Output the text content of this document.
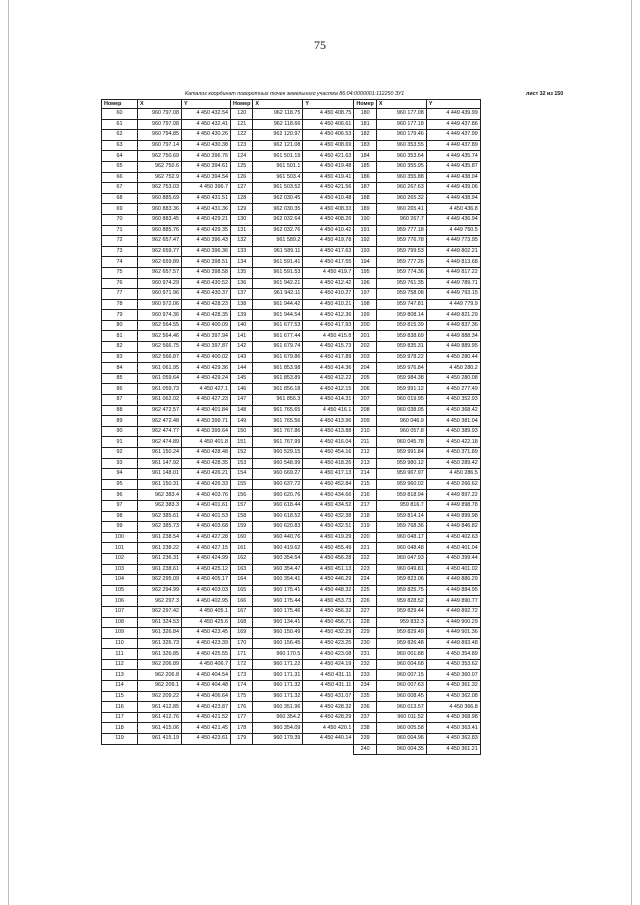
75
Каталог координат поворотных точек земельного участка 86:04:0000001:112250 ЗУ1	лист 32 из 150
Номер	X	Y	Номер	X	Y	Номер	X	Y
60	960 797.08	4 450 432.54	120	962 118.75	4 450 408.75	180	960 177.08	4 449 439.99
61	960 797.08	4 450 432.41	121	962 118.66	4 450 406.61	181	960 177.18	4 449 437.86
62	960 794.85	4 450 430.26	122	962 120.97	4 450 406.53	182	960 179.46	4 449 437.99
63	960 797.14	4 450 430.38	123	962 121.08	4 450 408.69	183	960 353.55	4 449 437.89
64	962 750.69	4 450 396.76	124	961 501.19	4 450 421.63	184	960 353.64	4 449 435.74
65	962 750.6	4 450 394.61	125	961 501.1	4 450 419.48	185	960 355.95	4 449 435.87
66	962 752.9	4 450 394.54	126	961 503.4	4 450 419.41	186	960 355.88	4 449 438.04
67	962 753.03	4 450 396.7	127	961 503.52	4 450 421.56	187	960 267.63	4 449 439.06
68	960 885.69	4 450 431.51	128	962 030.45	4 450 410.48	188	960 265.32	4 449 438.94
69	960 883.36	4 450 431.36	129	962 030.35	4 450 408.33	189	960 265.41	4 450 436.8
70	960 883.45	4 450 429.21	130	962 032.64	4 450 408.26	190	960 267.7	4 449 436.94
71	960 885.76	4 450 429.35	131	962 032.76	4 450 410.42	191	959 777.18	4 449 750.5
72	962 657.47	4 450 396.43	132	961 589.2	4 450 419.78	192	959 776.78	4 449 773.95
73	962 659.77	4 450 396.36	133	961 589.11	4 450 417.63	193	959 799.53	4 449 802.21
74	962 659.89	4 450 398.51	134	961 591.41	4 450 417.55	194	959 777.26	4 449 813.68
75	962 657.57	4 450 398.58	135	961 591.53	4 450 419.7	195	959 774.36	4 449 817.22
76	960 974.29	4 450 430.52	136	961 942.21	4 450 412.42	196	959 761.35	4 449 789.71
77	960 971.96	4 450 430.37	137	961 942.11	4 450 410.27	197	959 758.08	4 449 793.15
78	960 972.06	4 450 428.23	138	961 944.42	4 450 410.21	198	959 747.81	4 449 779.9
79	960 974.36	4 450 428.35	139	961 944.54	4 450 412.36	199	959 808.14	4 449 821.29
80	962 564.55	4 450 400.09	140	961 677.53	4 450 417.93	200	959 815.39	4 449 837.36
81	962 564.46	4 450 397.94	141	961 677.44	4 450 415.8	201	959 838.69	4 449 888.34
82	962 566.75	4 450 397.87	142	961 679.74	4 450 415.73	202	959 835.31	4 449 889.95
83	962 566.87	4 450 400.02	143	961 679.86	4 450 417.89	203	959 978.22	4 450 280.44
84	961 061.95	4 450 429.36	144	961 853.98	4 450 414.36	204	959 976.84	4 450 280.2
85	961 059.64	4 450 429.24	145	961 853.89	4 450 412.22	205	959 984.38	4 450 280.08
86	961 059.73	4 450 427.1	146	961 856.18	4 450 412.15	206	959 991.12	4 450 277.49
87	961 062.02	4 450 427.23	147	961 856.3	4 450 414.31	207	960 019.95	4 450 352.93
88	962 472.57	4 450 401.84	148	961 765.65	4 450 416.1	208	960 038.05	4 450 368.42
89	962 472.48	4 450 399.71	149	961 765.56	4 450 413.96	209	960 046.9	4 450 381.04
90	962 474.77	4 450 399.64	150	961 767.86	4 450 413.88	210	960 057.8	4 450 389.93
91	962 474.89	4 450 401.8	151	961 767.99	4 450 416.04	211	960 045.78	4 450 422.18
92	961 150.24	4 450 428.48	152	960 529.15	4 450 454.16	212	959 991.84	4 450 371.89
93	961 147.92	4 450 428.35	153	960 548.99	4 450 418.26	213	959 980.12	4 450 289.42
94	961 148.01	4 450 426.21	154	960 669.27	4 450 417.13	214	959 967.97	4 450 286.5
95	961 150.31	4 450 426.33	155	960 637.72	4 450 452.84	215	959 960.02	4 450 266.62
96	962 383.4	4 450 403.76	156	960 620.76	4 450 434.66	216	959 818.94	4 449 897.22
97	962 383.3	4 450 401.61	157	960 618.44	4 450 434.52	217	959 816.7	4 449 898.78
98	962 385.61	4 450 401.53	158	960 618.52	4 450 432.38	218	959 814.14	4 449 899.98
99	962 385.73	4 450 403.68	159	960 620.83	4 450 432.51	219	959 768.36	4 449 846.82
100	961 238.54	4 450 427.28	160	960 440.76	4 450 419.29	220	960 048.17	4 450 402.63
101	961 238.22	4 450 427.15	161	960 419.62	4 450 455.49	221	960 048.48	4 450 401.04
102	961 236.31	4 450 424.99	162	960 354.54	4 450 456.28	222	960 047.93	4 450 399.44
103	961 238.61	4 450 425.12	163	960 354.47	4 450 451.13	223	960 049.81	4 450 401.02
104	962 295.09	4 450 405.17	164	960 354.41	4 450 446.29	224	959 823.06	4 449 886.29
105	962 294.99	4 450 403.03	165	960 175.41	4 450 448.32	225	959 825.75	4 449 884.95
106	962 297.3	4 450 402.95	166	960 175.44	4 450 453.73	226	959 828.52	4 449 890.77
107	962 297.42	4 450 405.1	167	960 175.46	4 450 456.32	227	959 829.44	4 449 892.72
108	961 324.53	4 450 425.6	168	960 134.41	4 450 456.71	228	959 832.3	4 449 900.29
109	961 326.84	4 450 423.45	169	960 150.49	4 450 432.29	229	959 829.49	4 449 901.36
110	961 326.73	4 450 423.39	170	960 156.45	4 450 423.25	230	959 826.48	4 449 893.48
111	961 326.85	4 450 425.55	171	960 170.5	4 450 423.08	231	960 001.88	4 450 354.89
112	962 206.89	4 450 406.7	172	960 171.22	4 450 424.19	232	960 004.68	4 450 353.62
113	962 206.8	4 450 404.54	173	960 171.31	4 450 431.11	233	960 007.15	4 450 360.07
114	962 209.1	4 450 404.48	174	960 171.32	4 450 431.11	234	960 007.63	4 450 361.32
115	962 209.22	4 450 406.64	175	960 171.32	4 450 431.07	235	960 008.45	4 450 362.08
116	961 412.85	4 450 423.87	176	960 351.96	4 450 428.32	236	960 013.57	4 450 366.8
117	961 412.76	4 450 421.52	177	960 354.2	4 450 428.29	237	960 011.52	4 450 368.98
118	961 415.06	4 450 421.45	178	960 354.09	4 450 420.1	238	960 005.58	4 450 363.41
119	961 415.19	4 450 423.61	179	960 179.39	4 450 440.14	239	960 004.96	4 450 362.83
						240	960 004.35	4 450 361.21
